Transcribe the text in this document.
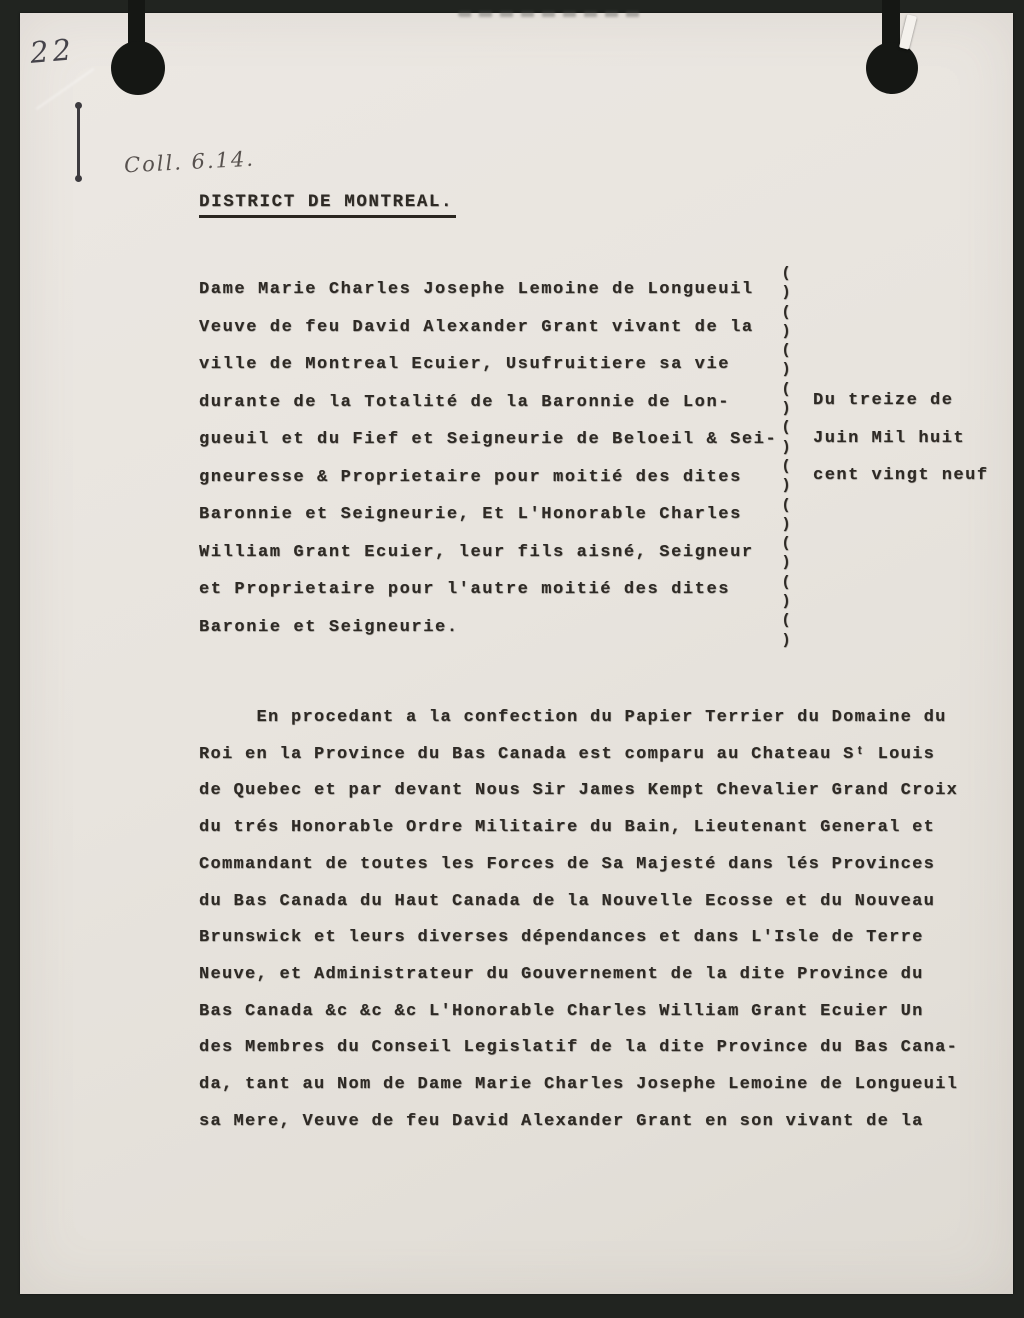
22
Coll. 6.14.
DISTRICT DE MONTREAL.
Dame Marie Charles Josephe Lemoine de Longueuil
Veuve de feu David Alexander Grant vivant de la
ville de Montreal Ecuier, Usufruitiere sa vie
durante de la Totalité de la Baronnie de Lon-
gueuil et du Fief et Seigneurie de Beloeil & Sei-
gneuresse & Proprietaire pour moitié des dites
Baronnie et Seigneurie, Et L'Honorable Charles
William Grant Ecuier, leur fils aisné, Seigneur
et Proprietaire pour l'autre moitié des dites
Baronie et Seigneurie.
(
)
(
)
(
)
(
)
(
)
(
)
(
)
(
)
(
)
(
)
Du treize de
Juin Mil huit
cent vingt neuf
En procedant a la confection du Papier Terrier du Domaine du
Roi en la Province du Bas Canada est comparu au Chateau Sᵗ Louis
de Quebec et par devant Nous Sir James Kempt Chevalier Grand Croix
du trés Honorable Ordre Militaire du Bain, Lieutenant General et
Commandant de toutes les Forces de Sa Majesté dans lés Provinces
du Bas Canada du Haut Canada de la Nouvelle Ecosse et du Nouveau
Brunswick et leurs diverses dépendances et dans L'Isle de Terre
Neuve, et Administrateur du Gouvernement de la dite Province du
Bas Canada &c &c &c L'Honorable Charles William Grant Ecuier Un
des Membres du Conseil Legislatif de la dite Province du Bas Cana-
da, tant au Nom de Dame Marie Charles Josephe Lemoine de Longueuil
sa Mere, Veuve de feu David Alexander Grant en son vivant de la
